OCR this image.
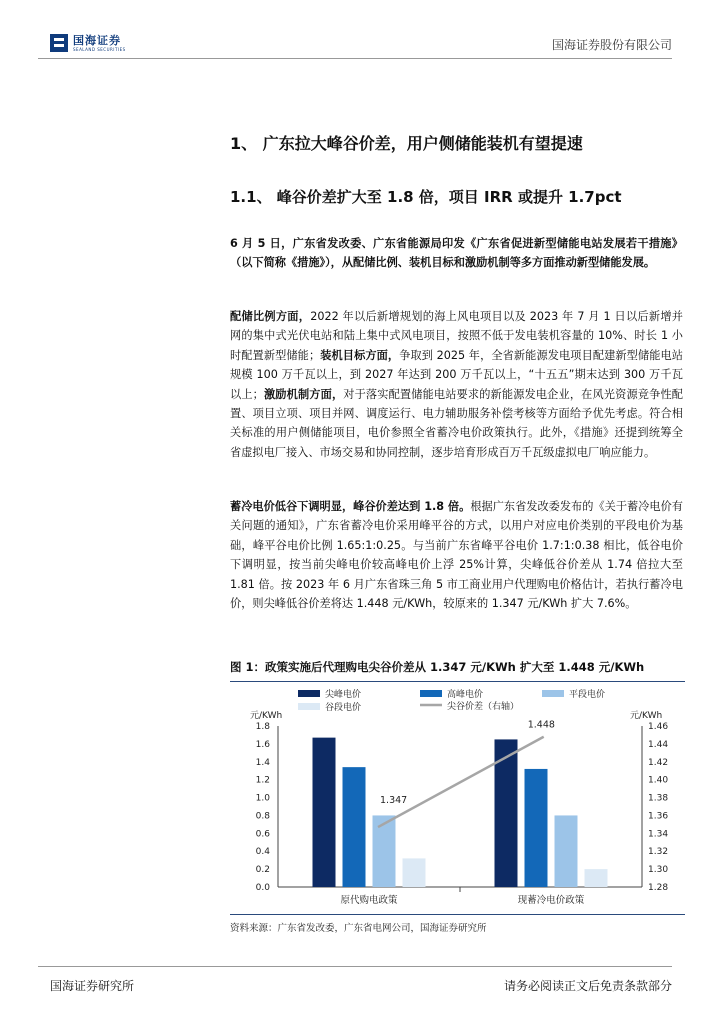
国海证券
SEALAND SECURITIES	国海证券股份有限公司
1、 广东拉大峰谷价差，用户侧储能装机有望提速
1.1、 峰谷价差扩大至 1.8 倍，项目 IRR 或提升 1.7pct
6 月 5 日，广东省发改委、广东省能源局印发《广东省促进新型储能电站发展若干措施》（以下简称《措施》），从配储比例、装机目标和激励机制等多方面推动新型储能发展。
配储比例方面，2022 年以后新增规划的海上风电项目以及 2023 年 7 月 1 日以后新增并网的集中式光伏电站和陆上集中式风电项目，按照不低于发电装机容量的 10%、时长 1 小时配置新型储能；装机目标方面，争取到 2025 年，全省新能源发电项目配建新型储能电站规模 100 万千瓦以上，到 2027 年达到 200 万千瓦以上，“十五五”期末达到 300 万千瓦以上；激励机制方面，对于落实配置储能电站要求的新能源发电企业，在风光资源竞争性配置、项目立项、项目并网、调度运行、电力辅助服务补偿考核等方面给予优先考虑。符合相关标准的用户侧储能项目，电价参照全省蓄冷电价政策执行。此外，《措施》还提到统筹全省虚拟电厂接入、市场交易和协同控制，逐步培育形成百万千瓦级虚拟电厂响应能力。
蓄冷电价低谷下调明显，峰谷价差达到 1.8 倍。根据广东省发改委发布的《关于蓄冷电价有关问题的通知》，广东省蓄冷电价采用峰平谷的方式，以用户对应电价类别的平段电价为基础，峰平谷电价比例 1.65:1:0.25。与当前广东省峰平谷电价 1.7:1:0.38 相比，低谷电价下调明显，按当前尖峰电价较高峰电价上浮 25%计算，尖峰低谷价差从 1.74 倍拉大至 1.81 倍。按 2023 年 6 月广东省珠三角 5 市工商业用户代理购电价格估计，若执行蓄冷电价，则尖峰低谷价差将达 1.448 元/KWh，较原来的 1.347 元/KWh 扩大 7.6%。
图 1：政策实施后代理购电尖谷价差从 1.347 元/KWh 扩大至 1.448 元/KWh
尖峰电价	高峰电价	平段电价
谷段电价	尖谷价差（右轴）
元/KWh	元/KWh
0.0
0.2
0.4
0.6
0.8
1.0
1.2
1.4
1.6
1.8
1.28
1.30
1.32
1.34
1.36
1.38
1.40
1.42
1.44
1.46
原代购电政策	现蓄冷电价政策
1.347
1.448
资料来源：广东省发改委，广东省电网公司，国海证券研究所
国海证券研究所	请务必阅读正文后免责条款部分
